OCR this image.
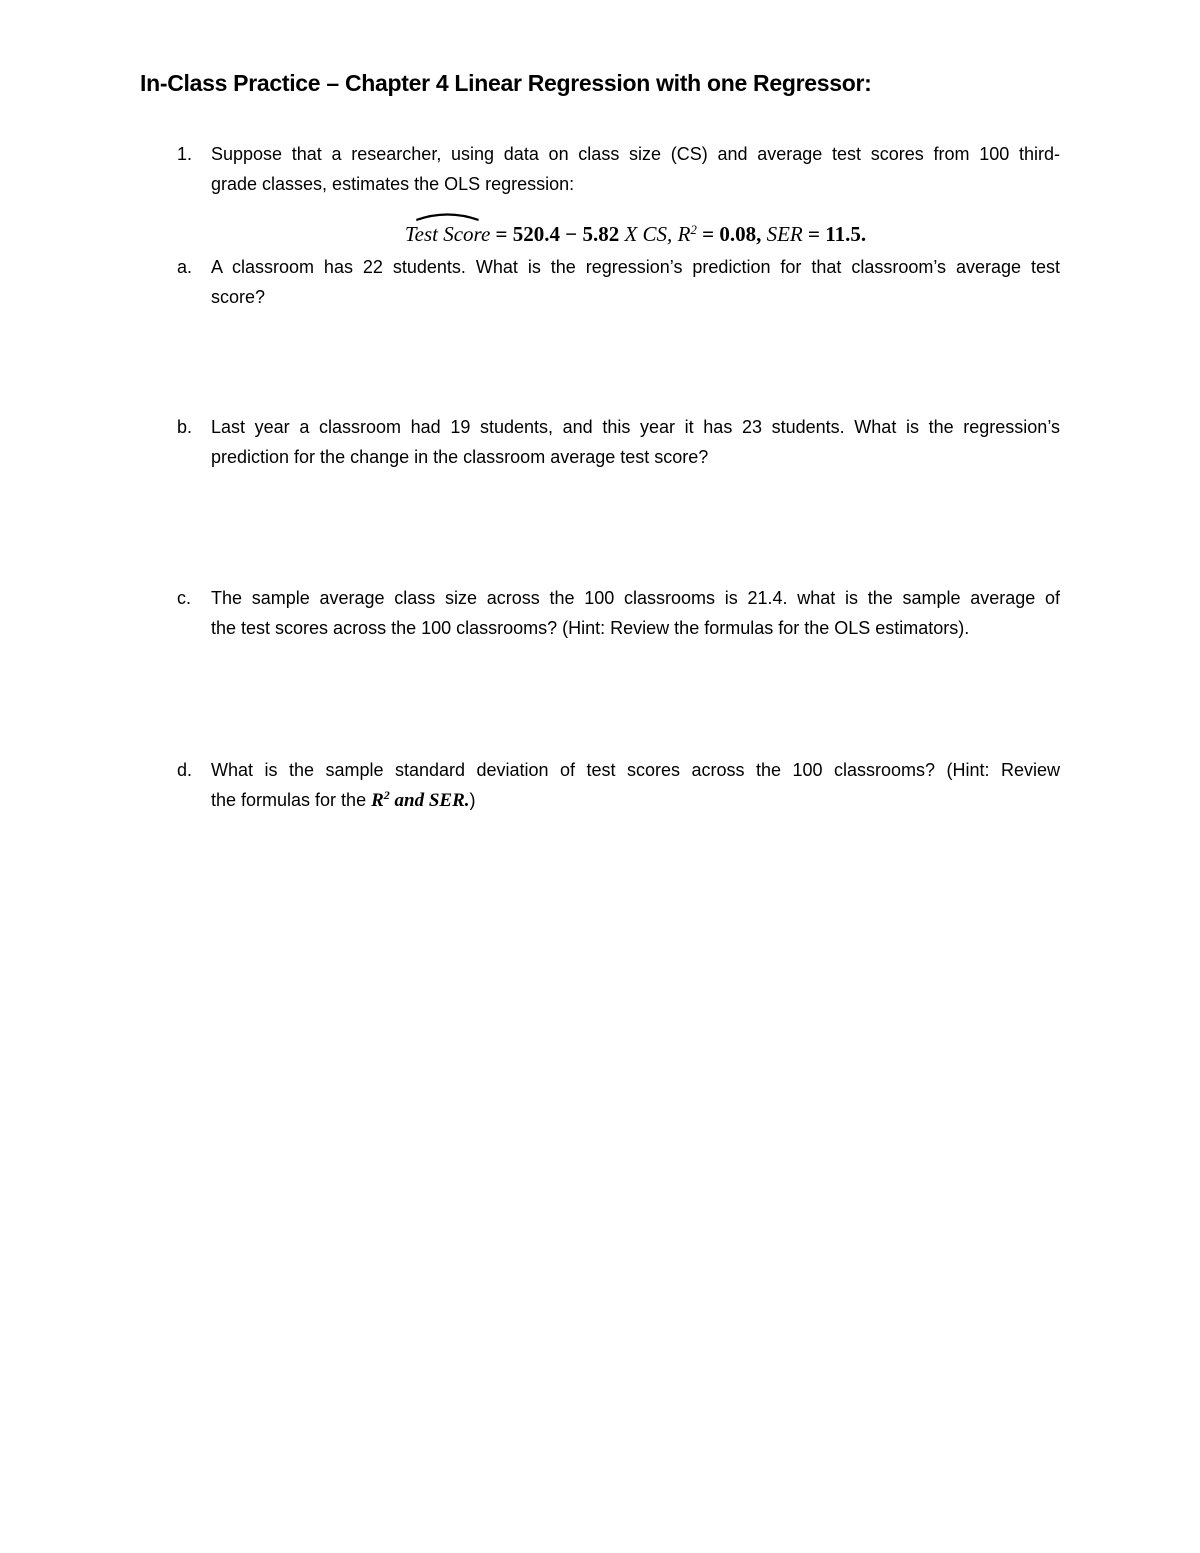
In-Class Practice – Chapter 4 Linear Regression with one Regressor:
1. Suppose that a researcher, using data on class size (CS) and average test scores from 100 third-
grade classes, estimates the OLS regression:
Test Score = 520.4 − 5.82 X CS, $R^2 = 0.08$, SER = 11.5.
a. A classroom has 22 students. What is the regression’s prediction for that classroom’s average test
score?
b. Last year a classroom had 19 students, and this year it has 23 students. What is the regression’s
prediction for the change in the classroom average test score?
c. The sample average class size across the 100 classrooms is 21.4. what is the sample average of
the test scores across the 100 classrooms? (Hint: Review the formulas for the OLS estimators).
d. What is the sample standard deviation of test scores across the 100 classrooms? (Hint: Review
the formulas for the $R^2$ and SER.)
